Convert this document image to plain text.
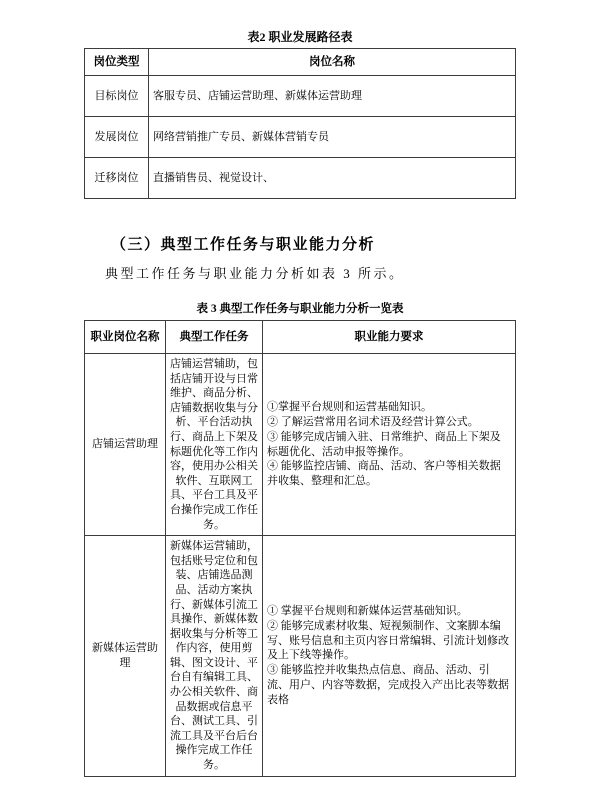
表2 职业发展路径表
岗位类型	岗位名称
目标岗位	客服专员、店铺运营助理、新媒体运营助理
发展岗位	网络营销推广专员、新媒体营销专员
迁移岗位	直播销售员、视觉设计、
（三）典型工作任务与职业能力分析

典型工作任务与职业能力分析如表 3 所示。

表 3 典型工作任务与职业能力分析一览表
职业岗位名称	典型工作任务	职业能力要求
店铺运营助理	店铺运营辅助，包括店铺开设与日常维护、商品分析、店铺数据收集与分析、平台活动执行、商品上下架及标题优化等工作内容，使用办公相关软件、互联网工具、平台工具及平台操作完成工作任务。	①掌握平台规则和运营基础知识。

② 了解运营常用名词术语及经营计算公式。

③ 能够完成店铺入驻、日常维护、商品上下架及标题优化、活动申报等操作。

④ 能够监控店铺、商品、活动、客户等相关数据并收集、整理和汇总。

新媒体运营助理	新媒体运营辅助，包括账号定位和包装、店铺选品测品、活动方案执行、新媒体引流工具操作、新媒体数据收集与分析等工作内容，使用剪辑、图文设计、平台自有编辑工具、办公相关软件、商品数据或信息平台、测试工具、引流工具及平台后台操作完成工作任务。	① 掌握平台规则和新媒体运营基础知识。

② 能够完成素材收集、短视频制作、文案脚本编写、账号信息和主页内容日常编辑、引流计划修改及上下线等操作。

③ 能够监控并收集热点信息、商品、活动、引流、用户、内容等数据，完成投入产出比表等数据表格
